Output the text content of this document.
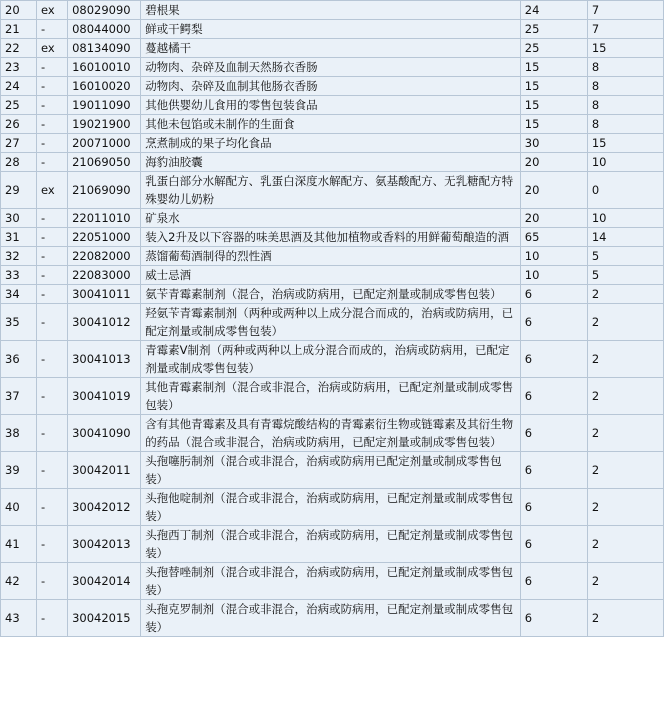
20	ex	08029090	碧根果	24	7
21	-	08044000	鲜或干鳄梨	25	7
22	ex	08134090	蔓越橘干	25	15
23	-	16010010	动物肉、杂碎及血制天然肠衣香肠	15	8
24	-	16010020	动物肉、杂碎及血制其他肠衣香肠	15	8
25	-	19011090	其他供婴幼儿食用的零售包装食品	15	8
26	-	19021900	其他未包馅或未制作的生面食	15	8
27	-	20071000	烹煮制成的果子均化食品	30	15
28	-	21069050	海豹油胶囊	20	10
29	ex	21069090	乳蛋白部分水解配方、乳蛋白深度水解配方、氨基酸配方、无乳糖配方特殊婴幼儿奶粉	20	0
30	-	22011010	矿泉水	20	10
31	-	22051000	装入2升及以下容器的味美思酒及其他加植物或香料的用鲜葡萄酿造的酒	65	14
32	-	22082000	蒸馏葡萄酒制得的烈性酒	10	5
33	-	22083000	威士忌酒	10	5
34	-	30041011	氨苄青霉素制剂（混合，治病或防病用，已配定剂量或制成零售包装）	6	2
35	-	30041012	羟氨苄青霉素制剂（两种或两种以上成分混合而成的，治病或防病用，已配定剂量或制成零售包装）	6	2
36	-	30041013	青霉素V制剂（两种或两种以上成分混合而成的，治病或防病用，已配定剂量或制成零售包装）	6	2
37	-	30041019	其他青霉素制剂（混合或非混合，治病或防病用，已配定剂量或制成零售包装）	6	2
38	-	30041090	含有其他青霉素及具有青霉烷酸结构的青霉素衍生物或链霉素及其衍生物的药品（混合或非混合，治病或防病用，已配定剂量或制成零售包装）	6	2
39	-	30042011	头孢噻肟制剂（混合或非混合，治病或防病用已配定剂量或制成零售包装）	6	2
40	-	30042012	头孢他啶制剂（混合或非混合，治病或防病用，已配定剂量或制成零售包装）	6	2
41	-	30042013	头孢西丁制剂（混合或非混合，治病或防病用，已配定剂量或制成零售包装）	6	2
42	-	30042014	头孢替唑制剂（混合或非混合，治病或防病用，已配定剂量或制成零售包装）	6	2
43	-	30042015	头孢克罗制剂（混合或非混合，治病或防病用，已配定剂量或制成零售包装）	6	2
